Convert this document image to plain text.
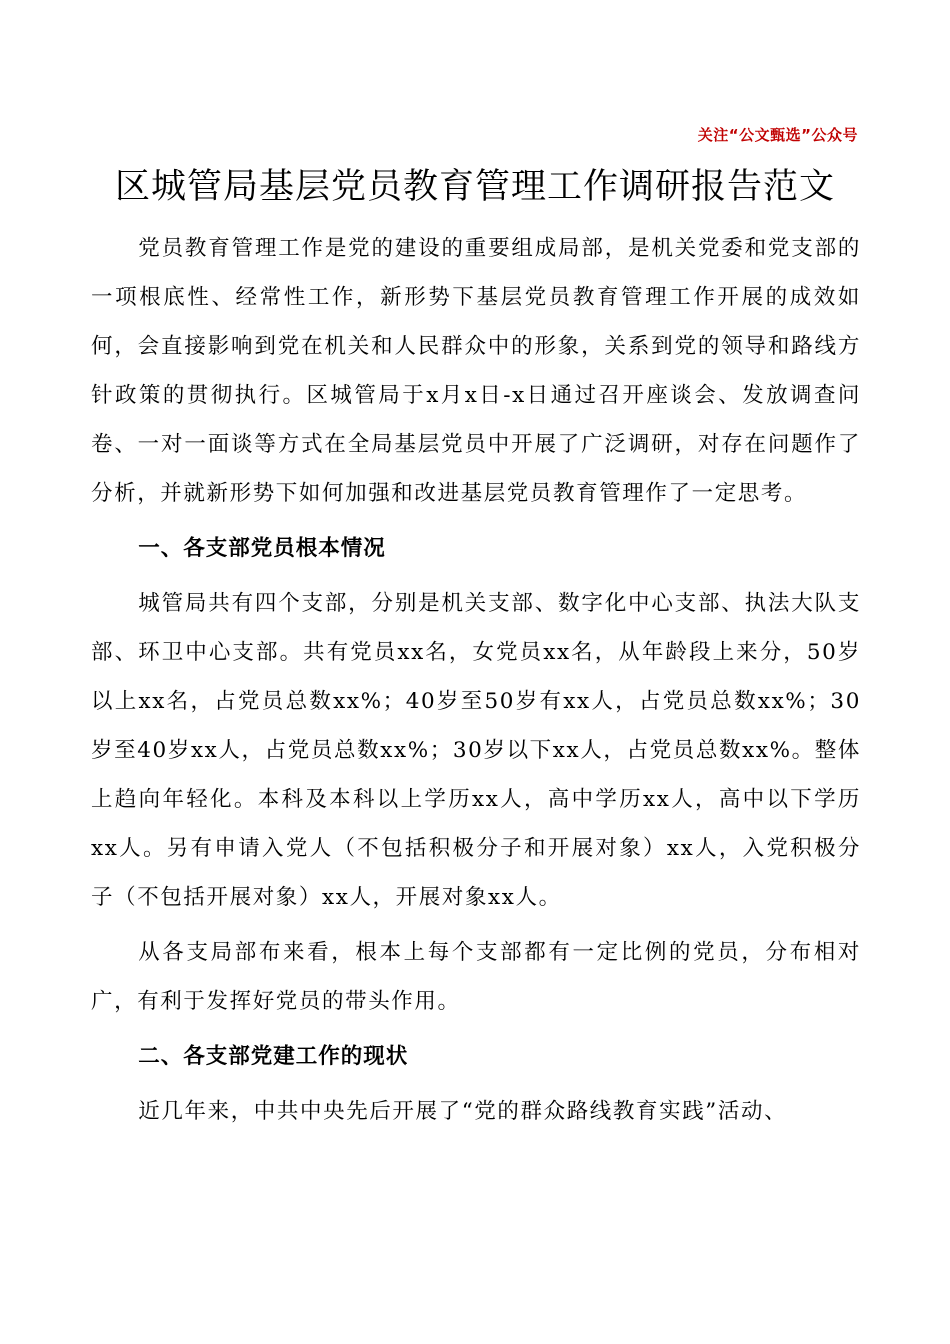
关注“公文甄选”公众号
区城管局基层党员教育管理工作调研报告范文

党员教育管理工作是党的建设的重要组成局部，是机关党委和党支部的一项根底性、经常性工作，新形势下基层党员教育管理工作开展的成效如何，会直接影响到党在机关和人民群众中的形象，关系到党的领导和路线方针政策的贯彻执行。区城管局于x月x日-x日通过召开座谈会、发放调查问卷、一对一面谈等方式在全局基层党员中开展了广泛调研，对存在问题作了分析，并就新形势下如何加强和改进基层党员教育管理作了一定思考。

一、各支部党员根本情况

城管局共有四个支部，分别是机关支部、数字化中心支部、执法大队支部、环卫中心支部。共有党员xx名，女党员xx名，从年龄段上来分，50岁以上xx名，占党员总数xx%；40岁至50岁有xx人，占党员总数xx%；30岁至40岁xx人，占党员总数xx%；30岁以下xx人，占党员总数xx%。整体上趋向年轻化。本科及本科以上学历xx人，高中学历xx人，高中以下学历xx人。另有申请入党人（不包括积极分子和开展对象）xx人，入党积极分子（不包括开展对象）xx人，开展对象xx人。

从各支局部布来看，根本上每个支部都有一定比例的党员，分布相对广，有利于发挥好党员的带头作用。

二、各支部党建工作的现状

近几年来，中共中央先后开展了“党的群众路线教育实践”活动、
